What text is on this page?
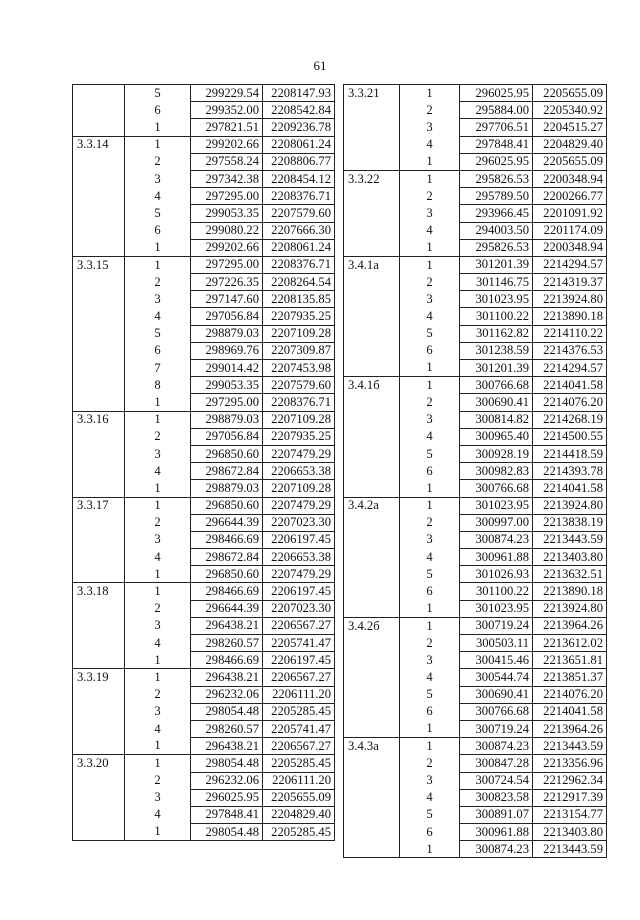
61
	5	299229.54	2208147.93
	6	299352.00	2208542.84
	1	297821.51	2209236.78
3.3.14	1	299202.66	2208061.24
	2	297558.24	2208806.77
	3	297342.38	2208454.12
	4	297295.00	2208376.71
	5	299053.35	2207579.60
	6	299080.22	2207666.30
	1	299202.66	2208061.24
3.3.15	1	297295.00	2208376.71
	2	297226.35	2208264.54
	3	297147.60	2208135.85
	4	297056.84	2207935.25
	5	298879.03	2207109.28
	6	298969.76	2207309.87
	7	299014.42	2207453.98
	8	299053.35	2207579.60
	1	297295.00	2208376.71
3.3.16	1	298879.03	2207109.28
	2	297056.84	2207935.25
	3	296850.60	2207479.29
	4	298672.84	2206653.38
	1	298879.03	2207109.28
3.3.17	1	296850.60	2207479.29
	2	296644.39	2207023.30
	3	298466.69	2206197.45
	4	298672.84	2206653.38
	1	296850.60	2207479.29
3.3.18	1	298466.69	2206197.45
	2	296644.39	2207023.30
	3	296438.21	2206567.27
	4	298260.57	2205741.47
	1	298466.69	2206197.45
3.3.19	1	296438.21	2206567.27
	2	296232.06	2206111.20
	3	298054.48	2205285.45
	4	298260.57	2205741.47
	1	296438.21	2206567.27
3.3.20	1	298054.48	2205285.45
	2	296232.06	2206111.20
	3	296025.95	2205655.09
	4	297848.41	2204829.40
	1	298054.48	2205285.45
3.3.21	1	296025.95	2205655.09
	2	295884.00	2205340.92
	3	297706.51	2204515.27
	4	297848.41	2204829.40
	1	296025.95	2205655.09
3.3.22	1	295826.53	2200348.94
	2	295789.50	2200266.77
	3	293966.45	2201091.92
	4	294003.50	2201174.09
	1	295826.53	2200348.94
3.4.1а	1	301201.39	2214294.57
	2	301146.75	2214319.37
	3	301023.95	2213924.80
	4	301100.22	2213890.18
	5	301162.82	2214110.22
	6	301238.59	2214376.53
	1	301201.39	2214294.57
3.4.1б	1	300766.68	2214041.58
	2	300690.41	2214076.20
	3	300814.82	2214268.19
	4	300965.40	2214500.55
	5	300928.19	2214418.59
	6	300982.83	2214393.78
	1	300766.68	2214041.58
3.4.2а	1	301023.95	2213924.80
	2	300997.00	2213838.19
	3	300874.23	2213443.59
	4	300961.88	2213403.80
	5	301026.93	2213632.51
	6	301100.22	2213890.18
	1	301023.95	2213924.80
3.4.2б	1	300719.24	2213964.26
	2	300503.11	2213612.02
	3	300415.46	2213651.81
	4	300544.74	2213851.37
	5	300690.41	2214076.20
	6	300766.68	2214041.58
	1	300719.24	2213964.26
3.4.3а	1	300874.23	2213443.59
	2	300847.28	2213356.96
	3	300724.54	2212962.34
	4	300823.58	2212917.39
	5	300891.07	2213154.77
	6	300961.88	2213403.80
	1	300874.23	2213443.59
